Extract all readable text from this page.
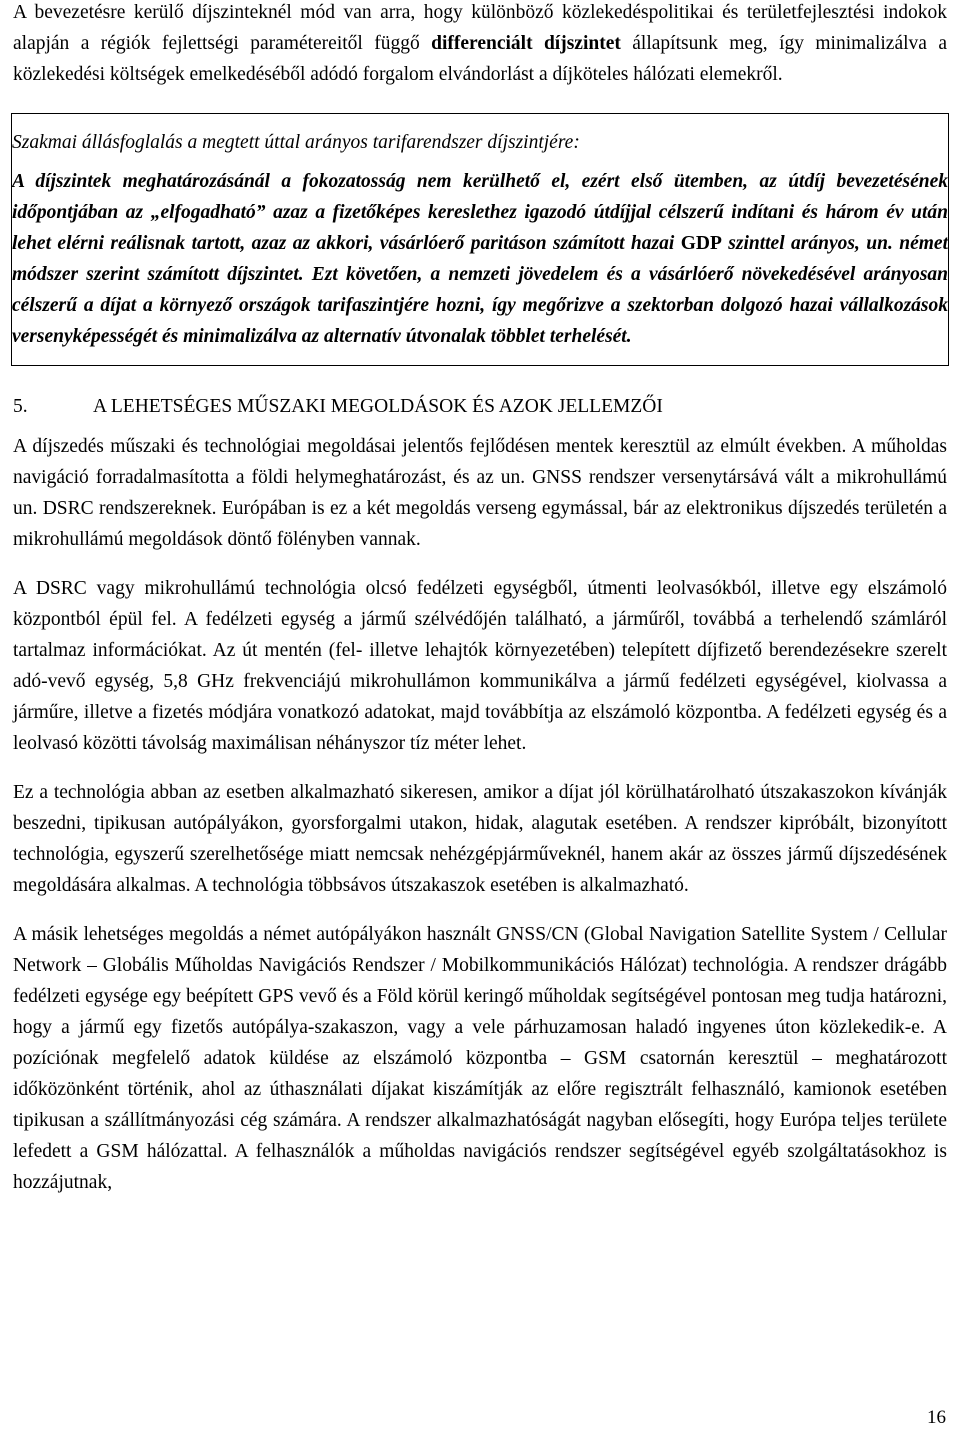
A bevezetésre kerülő díjszinteknél mód van arra, hogy különböző közlekedéspolitikai és területfejlesztési indokok alapján a régiók fejlettségi paramétereitől függő differenciált díjszintet állapítsunk meg, így minimalizálva a közlekedési költségek emelkedéséből adódó forgalom elvándorlást a díjköteles hálózati elemekről.

Szakmai állásfoglalás a megtett úttal arányos tarifarendszer díjszintjére:

A díjszintek meghatározásánál a fokozatosság nem kerülhető el, ezért első ütemben, az útdíj bevezetésének időpontjában az „elfogadható” azaz a fizetőképes kereslethez igazodó útdíjjal célszerű indítani és három év után lehet elérni reálisnak tartott, azaz az akkori, vásárlóerő paritáson számított hazai GDP szinttel arányos, un. német módszer szerint számított díjszintet. Ezt követően, a nemzeti jövedelem és a vásárlóerő növekedésével arányosan célszerű a díjat a környező országok tarifaszintjére hozni, így megőrizve a szektorban dolgozó hazai vállalkozások versenyképességét és minimalizálva az alternatív útvonalak többlet terhelését.

5.	A LEHETSÉGES MŰSZAKI MEGOLDÁSOK ÉS AZOK JELLEMZŐI

A díjszedés műszaki és technológiai megoldásai jelentős fejlődésen mentek keresztül az elmúlt években. A műholdas navigáció forradalmasította a földi helymeghatározást, és az un. GNSS rendszer versenytársává vált a mikrohullámú un. DSRC rendszereknek. Európában is ez a két megoldás verseng egymással, bár az elektronikus díjszedés területén a mikrohullámú megoldások döntő fölényben vannak.

A DSRC vagy mikrohullámú technológia olcsó fedélzeti egységből, útmenti leolvasókból, illetve egy elszámoló központból épül fel. A fedélzeti egység a jármű szélvédőjén található, a járműről, továbbá a terhelendő számláról tartalmaz információkat. Az út mentén (fel- illetve lehajtók környezetében) telepített díjfizető berendezésekre szerelt adó-vevő egység, 5,8 GHz frekvenciájú mikrohullámon kommunikálva a jármű fedélzeti egységével, kiolvassa a járműre, illetve a fizetés módjára vonatkozó adatokat, majd továbbítja az elszámoló központba. A fedélzeti egység és a leolvasó közötti távolság maximálisan néhányszor tíz méter lehet.

Ez a technológia abban az esetben alkalmazható sikeresen, amikor a díjat jól körülhatárolható útszakaszokon kívánják beszedni, tipikusan autópályákon, gyorsforgalmi utakon, hidak, alagutak esetében. A rendszer kipróbált, bizonyított technológia, egyszerű szerelhetősége miatt nemcsak nehézgépjárműveknél, hanem akár az összes jármű díjszedésének megoldására alkalmas. A technológia többsávos útszakaszok esetében is alkalmazható.

A másik lehetséges megoldás a német autópályákon használt GNSS/CN (Global Navigation Satellite System / Cellular Network – Globális Műholdas Navigációs Rendszer / Mobilkommunikációs Hálózat) technológia. A rendszer drágább fedélzeti egysége egy beépített GPS vevő és a Föld körül keringő műholdak segítségével pontosan meg tudja határozni, hogy a jármű egy fizetős autópálya-szakaszon, vagy a vele párhuzamosan haladó ingyenes úton közlekedik-e. A pozíciónak megfelelő adatok küldése az elszámoló központba – GSM csatornán keresztül – meghatározott időközönként történik, ahol az úthasználati díjakat kiszámítják az előre regisztrált felhasználó, kamionok esetében tipikusan a szállítmányozási cég számára. A rendszer alkalmazhatóságát nagyban elősegíti, hogy Európa teljes területe lefedett a GSM hálózattal. A felhasználók a műholdas navigációs rendszer segítségével egyéb szolgáltatásokhoz is hozzájutnak,

16
